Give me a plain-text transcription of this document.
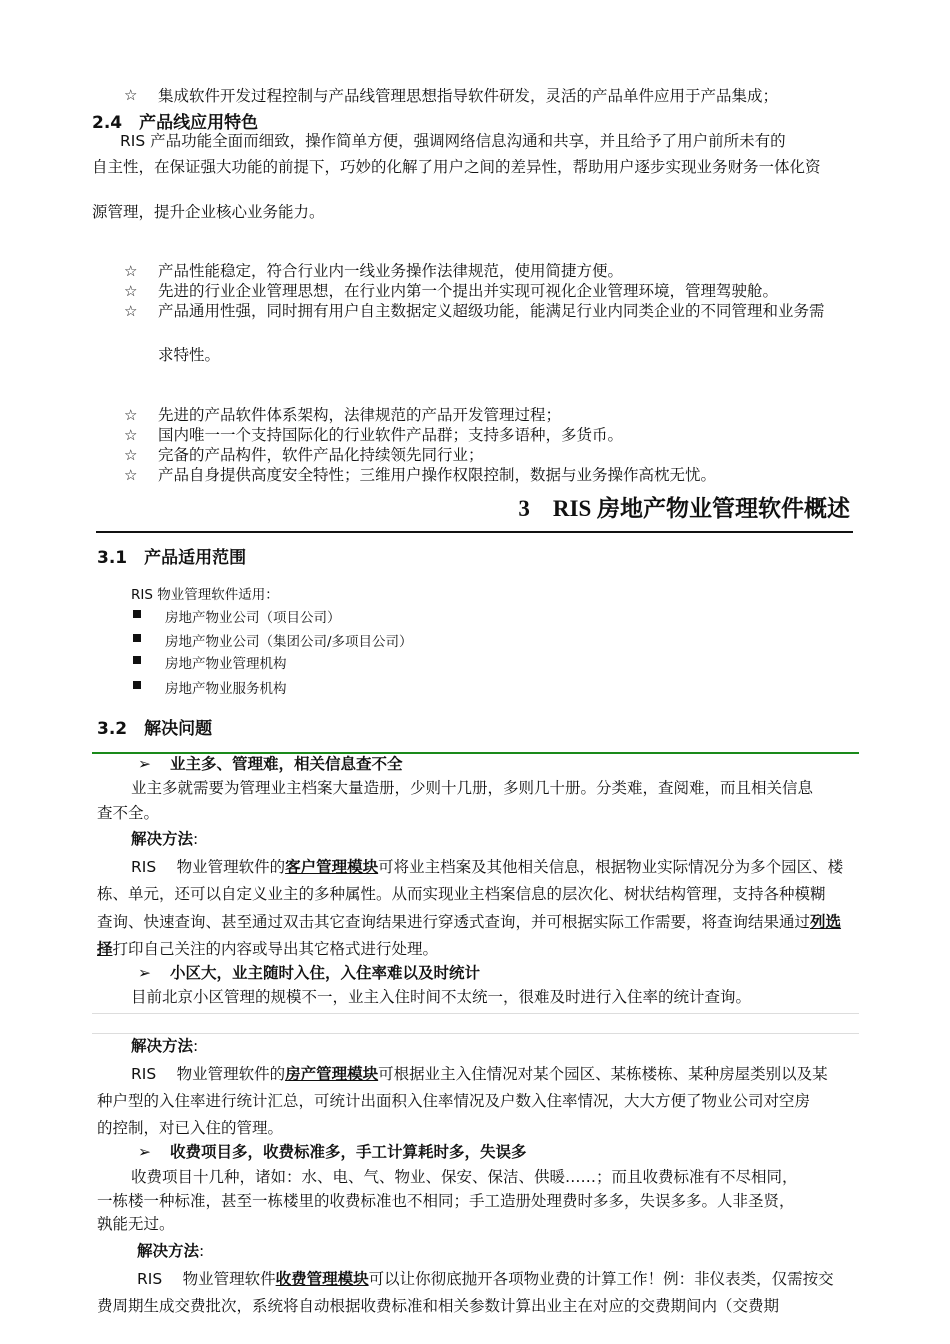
☆ 集成软件开发过程控制与产品线管理思想指导软件研发，灵活的产品单件应用于产品集成；
2.4　产品线应用特色
RIS 产品功能全面而细致，操作简单方便，强调网络信息沟通和共享，并且给予了用户前所未有的
自主性，在保证强大功能的前提下，巧妙的化解了用户之间的差异性，帮助用户逐步实现业务财务一体化资
源管理，提升企业核心业务能力。
☆ 产品性能稳定，符合行业内一线业务操作法律规范，使用简捷方便。
☆ 先进的行业企业管理思想，在行业内第一个提出并实现可视化企业管理环境，管理驾驶舱。
☆ 产品通用性强，同时拥有用户自主数据定义超级功能，能满足行业内同类企业的不同管理和业务需
求特性。
☆ 先进的产品软件体系架构，法律规范的产品开发管理过程；
☆ 国内唯一一个支持国际化的行业软件产品群；支持多语种，多货币。
☆ 完备的产品构件，软件产品化持续领先同行业；
☆ 产品自身提供高度安全特性；三维用户操作权限控制，数据与业务操作高枕无忧。
3　RIS 房地产物业管理软件概述
3.1　产品适用范围
RIS 物业管理软件适用：
房地产物业公司（项目公司）
房地产物业公司（集团公司/多项目公司）
房地产物业管理机构
房地产物业服务机构
3.2　解决问题
➢ 业主多、管理难，相关信息查不全
业主多就需要为管理业主档案大量造册，少则十几册，多则几十册。分类难，查阅难，而且相关信息
查不全。
解决方法:
RIS　 物业管理软件的客户管理模块可将业主档案及其他相关信息，根据物业实际情况分为多个园区、楼
栋、单元，还可以自定义业主的多种属性。从而实现业主档案信息的层次化、树状结构管理，支持各种模糊
查询、快速查询、甚至通过双击其它查询结果进行穿透式查询，并可根据实际工作需要，将查询结果通过列选
择打印自己关注的内容或导出其它格式进行处理。
➢ 小区大，业主随时入住，入住率难以及时统计
目前北京小区管理的规模不一，业主入住时间不太统一，很难及时进行入住率的统计查询。
解决方法:
RIS　 物业管理软件的房产管理模块可根据业主入住情况对某个园区、某栋楼栋、某种房屋类别以及某
种户型的入住率进行统计汇总，可统计出面积入住率情况及户数入住率情况，大大方便了物业公司对空房
的控制，对已入住的管理。
➢ 收费项目多，收费标准多，手工计算耗时多，失误多
收费项目十几种，诸如：水、电、气、物业、保安、保洁、供暖……；而且收费标准有不尽相同，
一栋楼一种标准，甚至一栋楼里的收费标准也不相同；手工造册处理费时多多，失误多多。人非圣贤，
孰能无过。
解决方法:
RIS　 物业管理软件收费管理模块可以让你彻底抛开各项物业费的计算工作！例：非仪表类，仅需按交
费周期生成交费批次，系统将自动根据收费标准和相关参数计算出业主在对应的交费期间内（交费期
